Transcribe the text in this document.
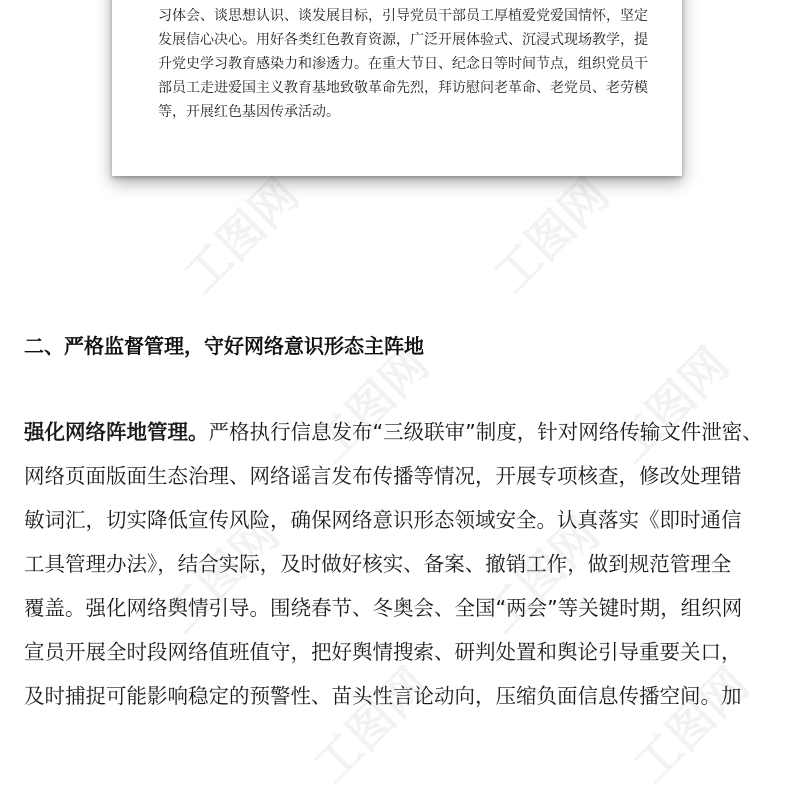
工图网	工图网
工图网	工图网
工图网	工图网
工图网	工图网
习体会、谈思想认识、谈发展目标，引导党员干部员工厚植爱党爱国情怀，坚定
发展信心决心。用好各类红色教育资源，广泛开展体验式、沉浸式现场教学，提
升党史学习教育感染力和渗透力。在重大节日、纪念日等时间节点，组织党员干
部员工走进爱国主义教育基地致敬革命先烈，拜访慰问老革命、老党员、老劳模
等，开展红色基因传承活动。
二、严格监督管理，守好网络意识形态主阵地
强化网络阵地管理。严格执行信息发布“三级联审”制度，针对网络传输文件泄密、
网络页面版面生态治理、网络谣言发布传播等情况，开展专项核查，修改处理错
敏词汇，切实降低宣传风险，确保网络意识形态领域安全。认真落实《即时通信
工具管理办法》，结合实际，及时做好核实、备案、撤销工作，做到规范管理全
覆盖。强化网络舆情引导。围绕春节、冬奥会、全国“两会”等关键时期，组织网
宣员开展全时段网络值班值守，把好舆情搜索、研判处置和舆论引导重要关口，
及时捕捉可能影响稳定的预警性、苗头性言论动向，压缩负面信息传播空间。加
